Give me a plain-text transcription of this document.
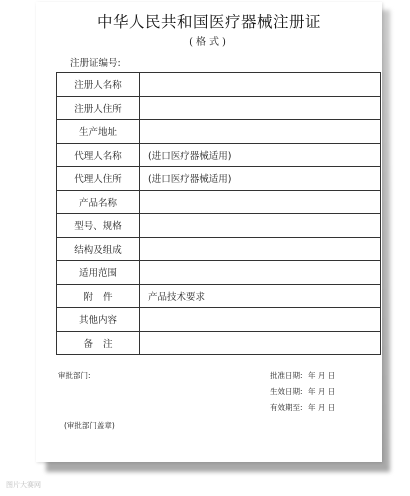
中华人民共和国医疗器械注册证
(格式)
注册证编号:
注册人名称	
注册人住所	
生产地址	
代理人名称	(进口医疗器械适用)
代理人住所	(进口医疗器械适用)
产品名称	
型号、规格	
结构及组成	
适用范围	
附件	产品技术要求
其他内容	
备注	
审批部门:	批准日期: 年 月 日
生效日期: 年 月 日
有效期至: 年 月 日
(审批部门盖章)
图片大赛网
